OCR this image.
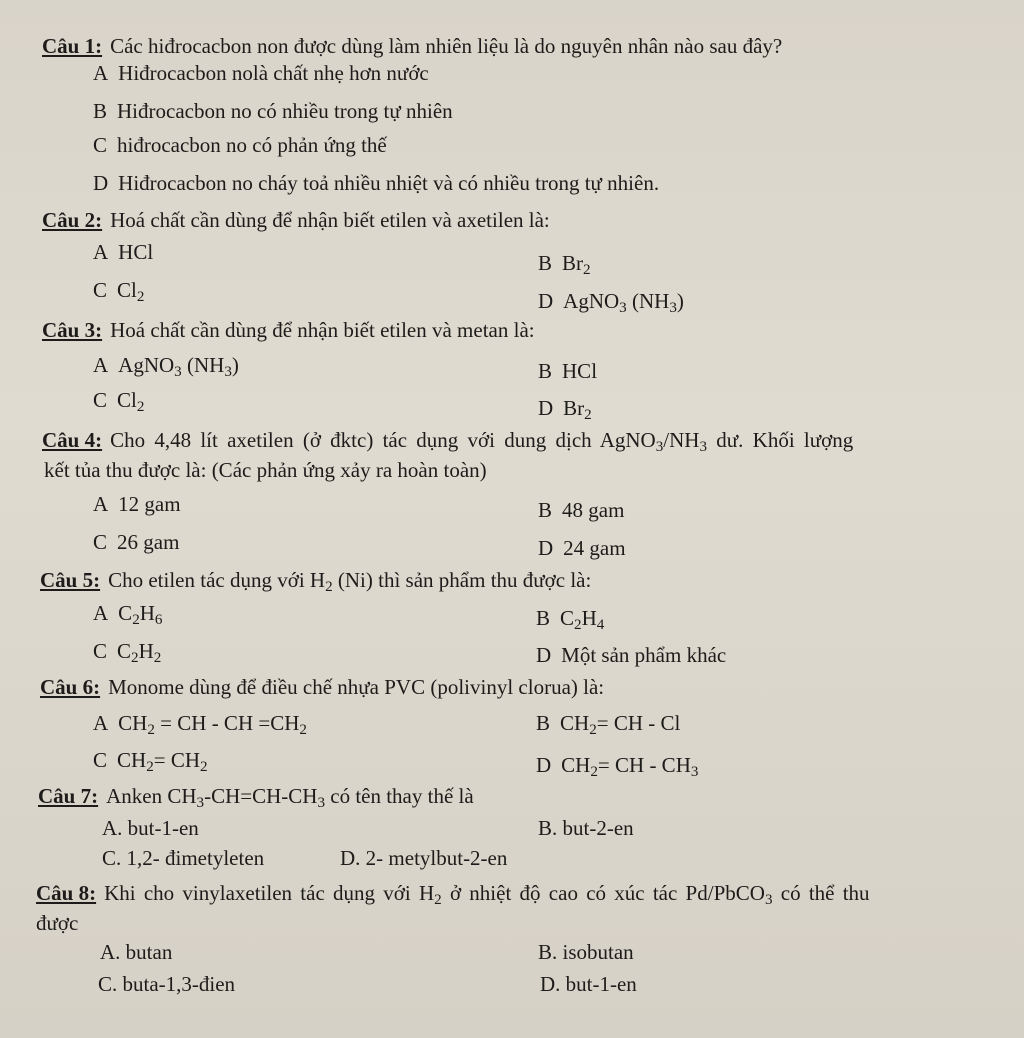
Câu 1: Các hiđrocacbon non được dùng làm nhiên liệu là do nguyên nhân nào sau đây?
A Hiđrocacbon nolà chất nhẹ hơn nước
B Hiđrocacbon no có nhiều trong tự nhiên
C hiđrocacbon no có phản ứng thế
D Hiđrocacbon no cháy toả nhiều nhiệt và có nhiều trong tự nhiên.
Câu 2: Hoá chất cần dùng để nhận biết etilen và axetilen là:
A HCl	B $Br_2$
C $Cl_2$	D AgNO$_3$ $(NH_3)$
Câu 3: Hoá chất cần dùng để nhận biết etilen và metan là:
A AgNO$_3$ $(NH_3)$	B HCl
C $Cl_2$	D $Br_2$
Câu 4: Cho 4,48 lít axetilen (ở đktc) tác dụng với dung dịch $AgNO_3/NH_3$ dư. Khối lượng
kết tủa thu được là: (Các phản ứng xảy ra hoàn toàn)
A 12 gam	B 48 gam
C 26 gam	D 24 gam
Câu 5: Cho etilen tác dụng với $H_2$ (Ni) thì sản phẩm thu được là:
A $C_2H_6$	B $C_2H_4$
C $C_2H_2$	D Một sản phẩm khác
Câu 6: Monome dùng để điều chế nhựa PVC (polivinyl clorua) là:
A $CH_2$ = CH - CH $=CH_2$	B $CH_2=$ CH - Cl
C $CH_2= CH_2$	D $CH_2=$ CH - $CH_3$
Câu 7: Anken $CH_3-CH=CH-CH_3$ có tên thay thế là
A. but-1-en	B. but-2-en
C. 1,2- đimetyleten	D. 2- metylbut-2-en
Câu 8: Khi cho vinylaxetilen tác dụng với $H_2$ ở nhiệt độ cao có xúc tác Pd/PbCO$_3$ có thể thu
được
A. butan	B. isobutan
C. buta-1,3-đien	D. but-1-en
